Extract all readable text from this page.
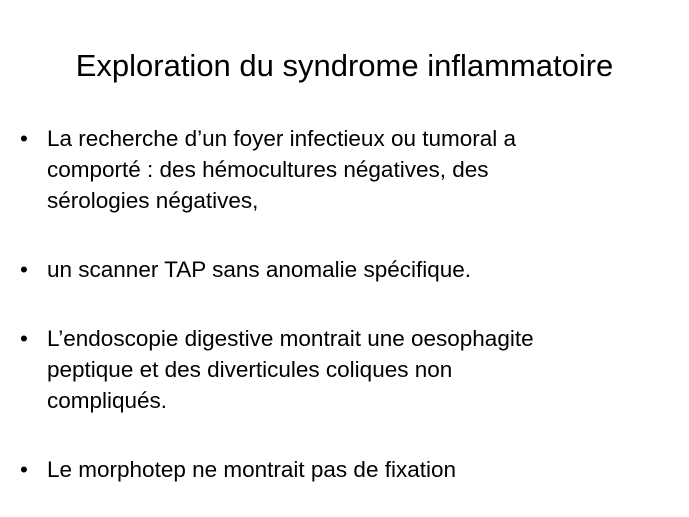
Exploration du syndrome inflammatoire
• La recherche d’un foyer infectieux ou tumoral a
comporté : des hémocultures négatives, des
sérologies négatives,
• un scanner TAP sans anomalie spécifique.
• L’endoscopie digestive montrait une oesophagite
peptique et des diverticules coliques non
compliqués.
• Le morphotep ne montrait pas de fixation
